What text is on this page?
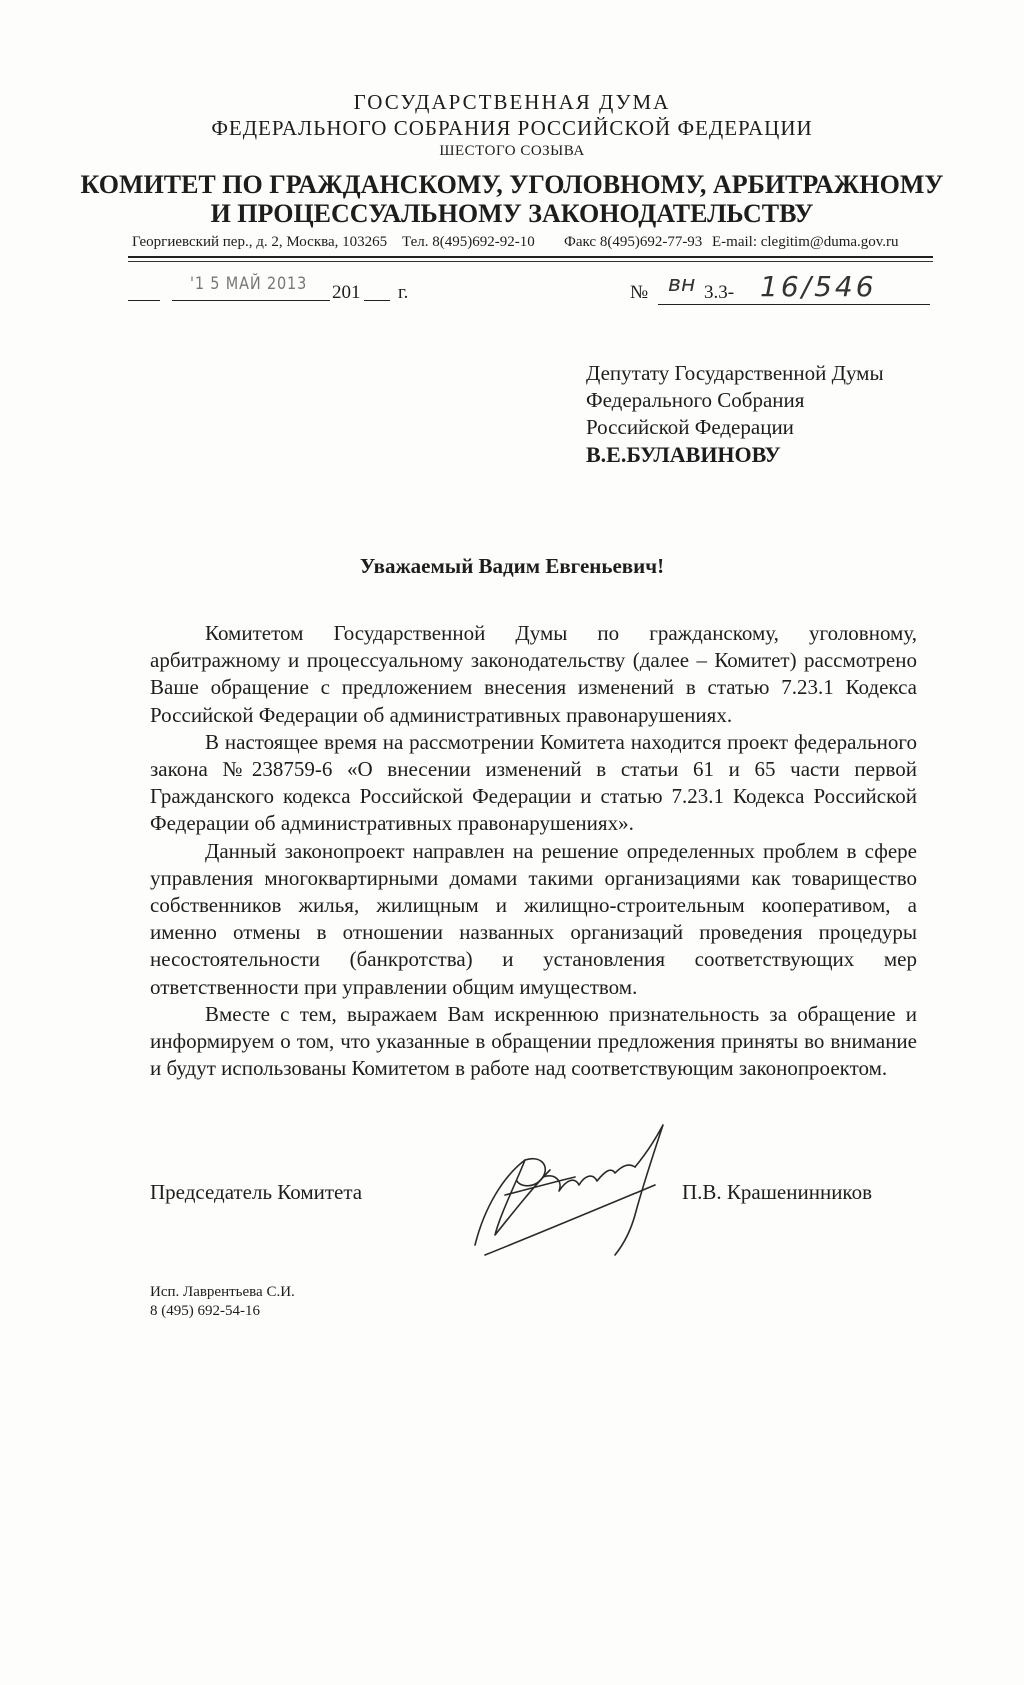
ГОСУДАРСТВЕННАЯ ДУМА
ФЕДЕРАЛЬНОГО СОБРАНИЯ РОССИЙСКОЙ ФЕДЕРАЦИИ
ШЕСТОГО СОЗЫВА
КОМИТЕТ ПО ГРАЖДАНСКОМУ, УГОЛОВНОМУ, АРБИТРАЖНОМУ
И ПРОЦЕССУАЛЬНОМУ ЗАКОНОДАТЕЛЬСТВУ
Георгиевский пер., д. 2, Москва, 103265 Тел. 8(495)692-92-10 Факс 8(495)692-77-93 E-mail: clegitim@duma.gov.ru
'1 5 МАЙ 2013 201 г.	№ вн 3.3- 16/546
Депутату Государственной Думы
Федерального Собрания
Российской Федерации
В.Е.БУЛАВИНОВУ
Уважаемый Вадим Евгеньевич!

Комитетом Государственной Думы по гражданскому, уголовному, арбитражному и процессуальному законодательству (далее – Комитет) рассмотрено Ваше обращение с предложением внесения изменений в статью 7.23.1 Кодекса Российской Федерации об административных правонарушениях.

В настоящее время на рассмотрении Комитета находится проект федерального закона №238759-6 «О внесении изменений в статьи 61 и 65 части первой Гражданского кодекса Российской Федерации и статью 7.23.1 Кодекса Российской Федерации об административных правонарушениях».

Данный законопроект направлен на решение определенных проблем в сфере управления многоквартирными домами такими организациями как товарищество собственников жилья, жилищным и жилищно-строительным кооперативом, а именно отмены в отношении названных организаций проведения процедуры несостоятельности (банкротства) и установления соответствующих мер ответственности при управлении общим имуществом.

Вместе с тем, выражаем Вам искреннюю признательность за обращение и информируем о том, что указанные в обращении предложения приняты во внимание и будут использованы Комитетом в работе над соответствующим законопроектом.

Председатель Комитета	П.В. Крашенинников
Исп. Лаврентьева С.И.
8 (495) 692-54-16
